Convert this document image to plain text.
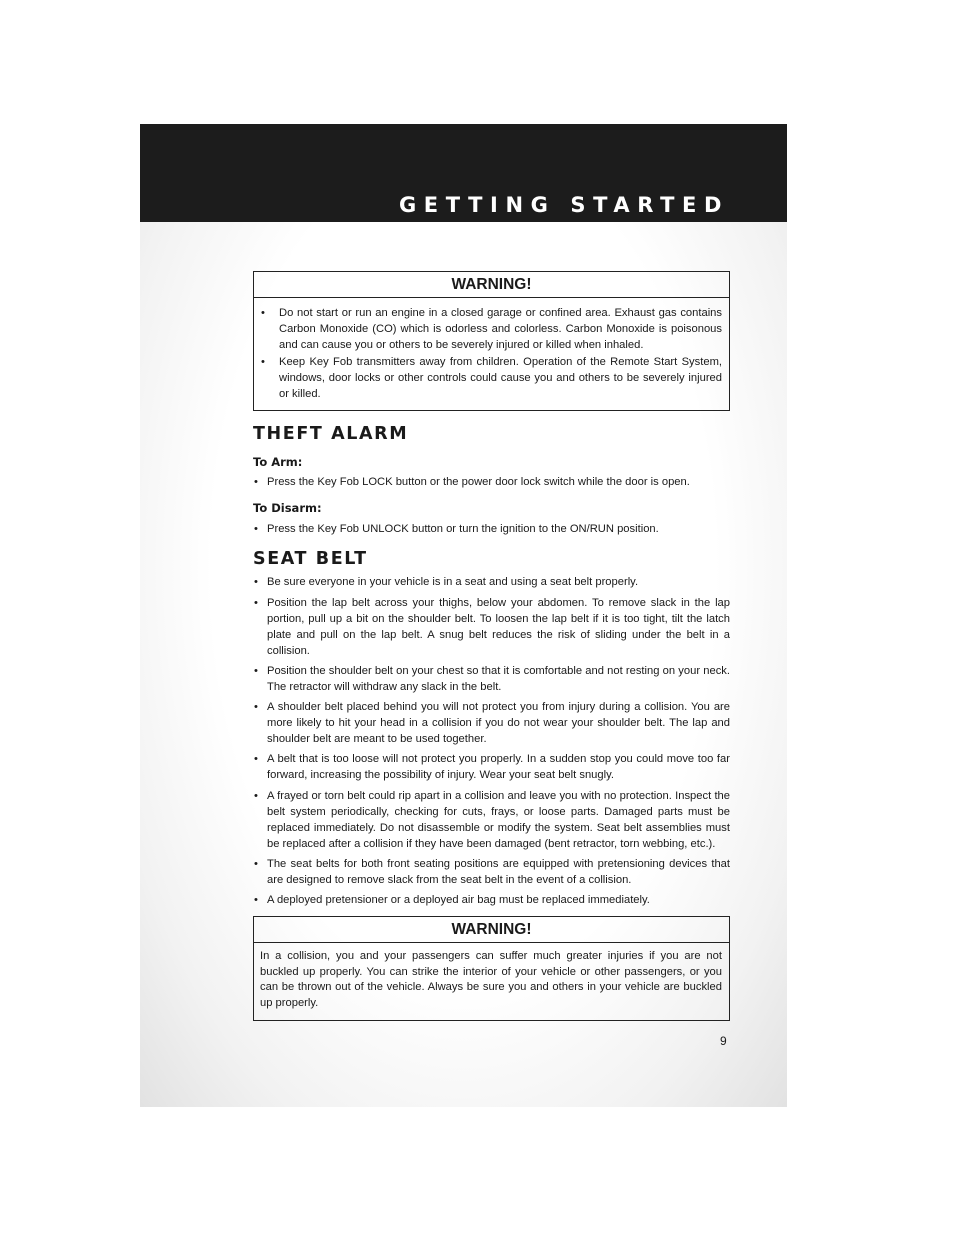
GETTING STARTED
WARNING!
• Do not start or run an engine in a closed garage or confined area. Exhaust gas contains Carbon Monoxide (CO) which is odorless and colorless. Carbon Monoxide is poisonous and can cause you or others to be severely injured or killed when inhaled.
• Keep Key Fob transmitters away from children. Operation of the Remote Start System, windows, door locks or other controls could cause you and others to be severely injured or killed.
THEFT ALARM
To Arm:
• Press the Key Fob LOCK button or the power door lock switch while the door is open.
To Disarm:
• Press the Key Fob UNLOCK button or turn the ignition to the ON/RUN position.
SEAT BELT
• Be sure everyone in your vehicle is in a seat and using a seat belt properly.
• Position the lap belt across your thighs, below your abdomen. To remove slack in the lap portion, pull up a bit on the shoulder belt. To loosen the lap belt if it is too tight, tilt the latch plate and pull on the lap belt. A snug belt reduces the risk of sliding under the belt in a collision.
• Position the shoulder belt on your chest so that it is comfortable and not resting on your neck. The retractor will withdraw any slack in the belt.
• A shoulder belt placed behind you will not protect you from injury during a collision. You are more likely to hit your head in a collision if you do not wear your shoulder belt. The lap and shoulder belt are meant to be used together.
• A belt that is too loose will not protect you properly. In a sudden stop you could move too far forward, increasing the possibility of injury. Wear your seat belt snugly.
• A frayed or torn belt could rip apart in a collision and leave you with no protection. Inspect the belt system periodically, checking for cuts, frays, or loose parts. Damaged parts must be replaced immediately. Do not disassemble or modify the system. Seat belt assemblies must be replaced after a collision if they have been damaged (bent retractor, torn webbing, etc.).
• The seat belts for both front seating positions are equipped with pretensioning devices that are designed to remove slack from the seat belt in the event of a collision.
• A deployed pretensioner or a deployed air bag must be replaced immediately.
WARNING!
In a collision, you and your passengers can suffer much greater injuries if you are not buckled up properly. You can strike the interior of your vehicle or other passengers, or you can be thrown out of the vehicle. Always be sure you and others in your vehicle are buckled up properly.
9
